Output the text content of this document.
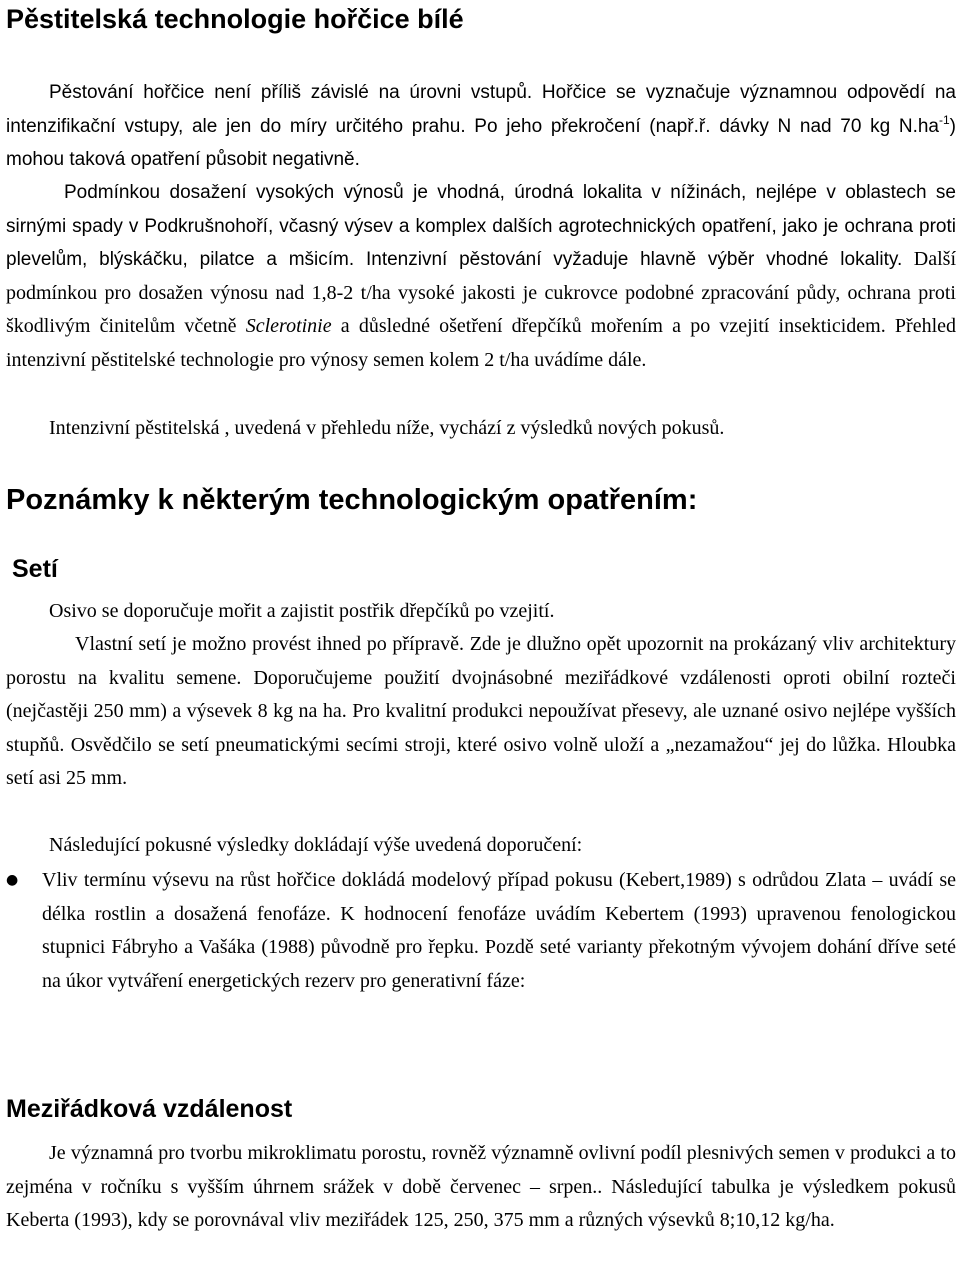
Pěstitelská technologie hořčice bílé

Pěstování hořčice není příliš závislé na úrovni vstupů. Hořčice se vyznačuje významnou odpovědí na intenzifikační vstupy, ale jen do míry určitého prahu. Po jeho překročení (např.ř. dávky N nad 70 kg $N.ha^{-1}$) mohou taková opatření působit negativně.

Podmínkou dosažení vysokých výnosů je vhodná, úrodná lokalita v nížinách, nejlépe v oblastech se sirnými spady v Podkrušnohoří, včasný výsev a komplex dalších agrotechnických opatření, jako je ochrana proti plevelům, blýskáčku, pilatce a mšicím. Intenzivní pěstování vyžaduje hlavně výběr vhodné lokality. Další podmínkou pro dosažen výnosu nad 1,8-2 t/ha vysoké jakosti je cukrovce podobné zpracování půdy, ochrana proti škodlivým činitelům včetně Sclerotinie a důsledné ošetření dřepčíků mořením a po vzejití insekticidem. Přehled intenzivní pěstitelské technologie pro výnosy semen kolem 2 t/ha uvádíme dále.

Intenzivní pěstitelská , uvedená v přehledu níže, vychází z výsledků nových pokusů.

Poznámky k některým technologickým opatřením:
Setí

Osivo se doporučuje mořit a zajistit postřik dřepčíků po vzejití.

Vlastní setí je možno provést ihned po přípravě. Zde je dlužno opět upozornit na prokázaný vliv architektury porostu na kvalitu semene. Doporučujeme použití dvojnásobné meziřádkové vzdálenosti oproti obilní rozteči (nejčastěji 250 mm) a výsevek 8 kg na ha. Pro kvalitní produkci nepoužívat přesevy, ale uznané osivo nejlépe vyšších stupňů. Osvědčilo se setí pneumatickými secími stroji, které osivo volně uloží a „nezamažou“ jej do lůžka. Hloubka setí asi 25 mm.

Následující pokusné výsledky dokládají výše uvedená doporučení:

● Vliv termínu výsevu na růst hořčice dokládá modelový případ pokusu (Kebert,1989) s odrůdou Zlata – uvádí se délka rostlin a dosažená fenofáze. K hodnocení fenofáze uvádím Kebertem (1993) upravenou fenologickou stupnici Fábryho a Vašáka (1988) původně pro řepku. Pozdě seté varianty překotným vývojem dohání dříve seté na úkor vytváření energetických rezerv pro generativní fáze:
Meziřádková vzdálenost

Je významná pro tvorbu mikroklimatu porostu, rovněž významně ovlivní podíl plesnivých semen v produkci a to zejména v ročníku s vyšším úhrnem srážek v době červenec – srpen.. Následující tabulka je výsledkem pokusů Keberta (1993), kdy se porovnával vliv meziřádek 125, 250, 375 mm a různých výsevků 8;10,12 kg/ha.
